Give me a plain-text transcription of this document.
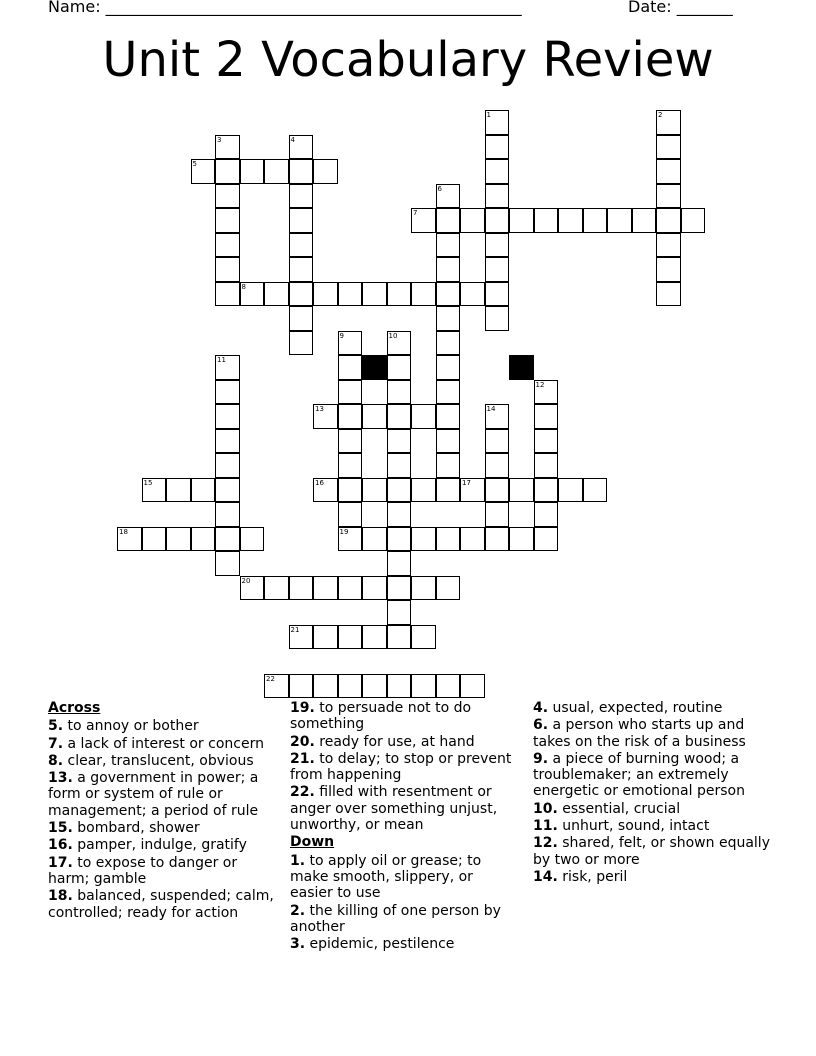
Name: ____________________________________________________	Date: _______
Unit 2 Vocabulary Review
1	2
3	4
5
6
7
8
9	10
11
12
13	14
15	16	17
18	19
20
21
22
Across
5. to annoy or bother
7. a lack of interest or concern
8. clear, translucent, obvious
13. a government in power; a form or system of rule or management; a period of rule
15. bombard, shower
16. pamper, indulge, gratify
17. to expose to danger or harm; gamble
18. balanced, suspended; calm, controlled; ready for action
19. to persuade not to do something
20. ready for use, at hand
21. to delay; to stop or prevent from happening
22. filled with resentment or anger over something unjust, unworthy, or mean
Down
1. to apply oil or grease; to make smooth, slippery, or easier to use
2. the killing of one person by another
3. epidemic, pestilence
4. usual, expected, routine
6. a person who starts up and takes on the risk of a business
9. a piece of burning wood; a troublemaker; an extremely energetic or emotional person
10. essential, crucial
11. unhurt, sound, intact
12. shared, felt, or shown equally by two or more
14. risk, peril
